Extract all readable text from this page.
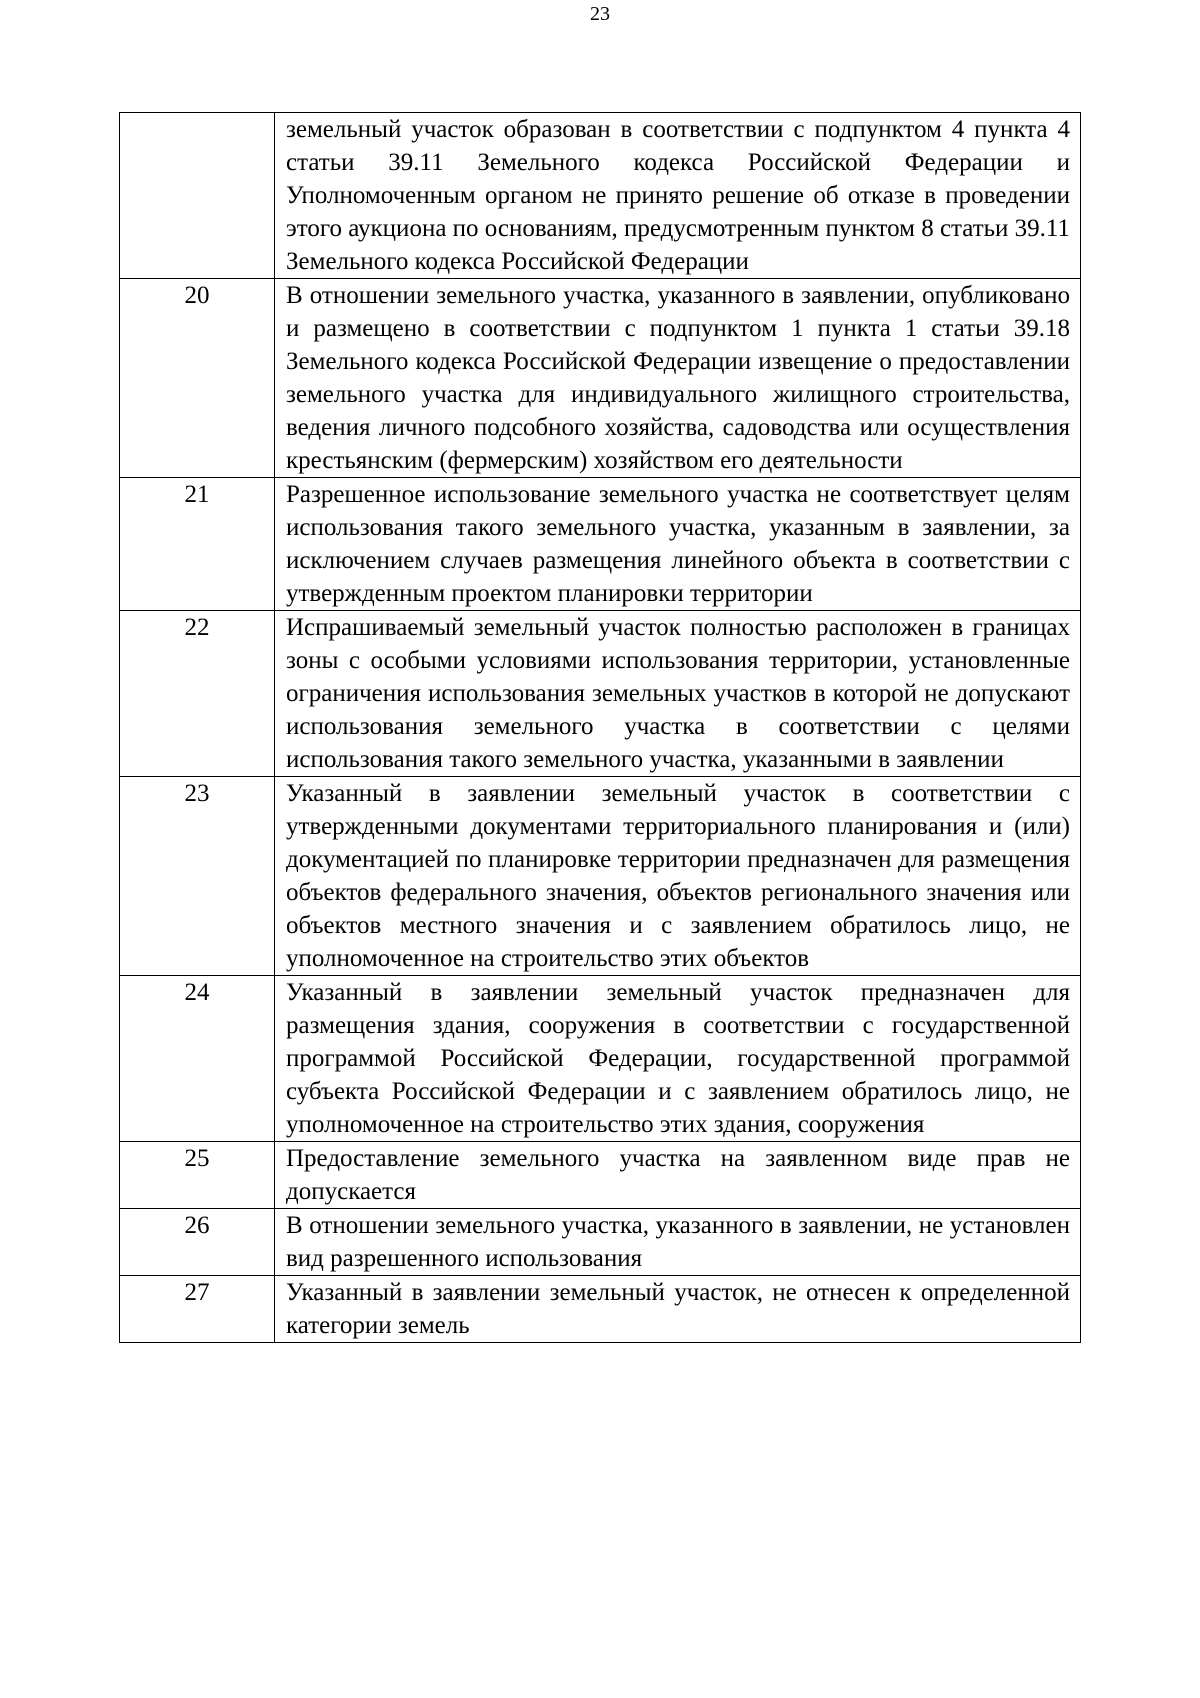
23
	земельный участок образован в соответствии с подпунктом 4 пункта 4 статьи 39.11 Земельного кодекса Российской Федерации и Уполномоченным органом не принято решение об отказе в проведении этого аукциона по основаниям, предусмотренным пунктом 8 статьи 39.11 Земельного кодекса Российской Федерации
20	В отношении земельного участка, указанного в заявлении, опубликовано и размещено в соответствии с подпунктом 1 пункта 1 статьи 39.18 Земельного кодекса Российской Федерации извещение о предоставлении земельного участка для индивидуального жилищного строительства, ведения личного подсобного хозяйства, садоводства или осуществления крестьянским (фермерским) хозяйством его деятельности
21	Разрешенное использование земельного участка не соответствует целям использования такого земельного участка, указанным в заявлении, за исключением случаев размещения линейного объекта в соответствии с утвержденным проектом планировки территории
22	Испрашиваемый земельный участок полностью расположен в границах зоны с особыми условиями использования территории, установленные ограничения использования земельных участков в которой не допускают использования земельного участка в соответствии с целями использования такого земельного участка, указанными в заявлении
23	Указанный в заявлении земельный участок в соответствии с утвержденными документами территориального планирования и (или) документацией по планировке территории предназначен для размещения объектов федерального значения, объектов регионального значения или объектов местного значения и с заявлением обратилось лицо, не уполномоченное на строительство этих объектов
24	Указанный в заявлении земельный участок предназначен для размещения здания, сооружения в соответствии с государственной программой Российской Федерации, государственной программой субъекта Российской Федерации и с заявлением обратилось лицо, не уполномоченное на строительство этих здания, сооружения
25	Предоставление земельного участка на заявленном виде прав не допускается
26	В отношении земельного участка, указанного в заявлении, не установлен вид разрешенного использования
27	Указанный в заявлении земельный участок, не отнесен к определенной категории земель
